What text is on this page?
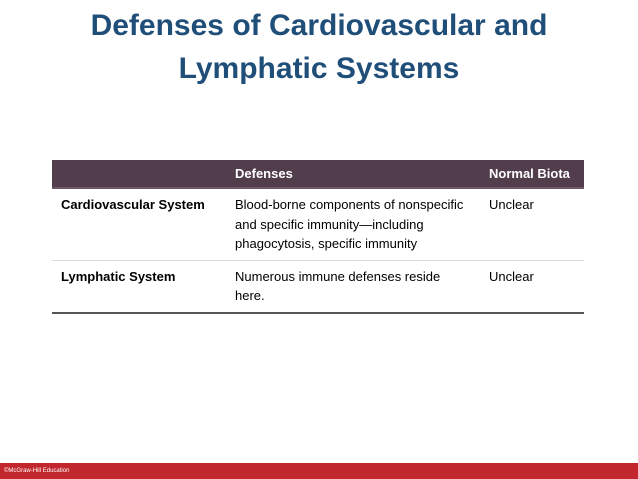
Defenses of Cardiovascular and
Lymphatic Systems
	Defenses	Normal Biota
Cardiovascular System	Blood-borne components of nonspecific and specific immunity—including phagocytosis, specific immunity	Unclear
Lymphatic System	Numerous immune defenses reside here.	Unclear
©McGraw-Hill Education
